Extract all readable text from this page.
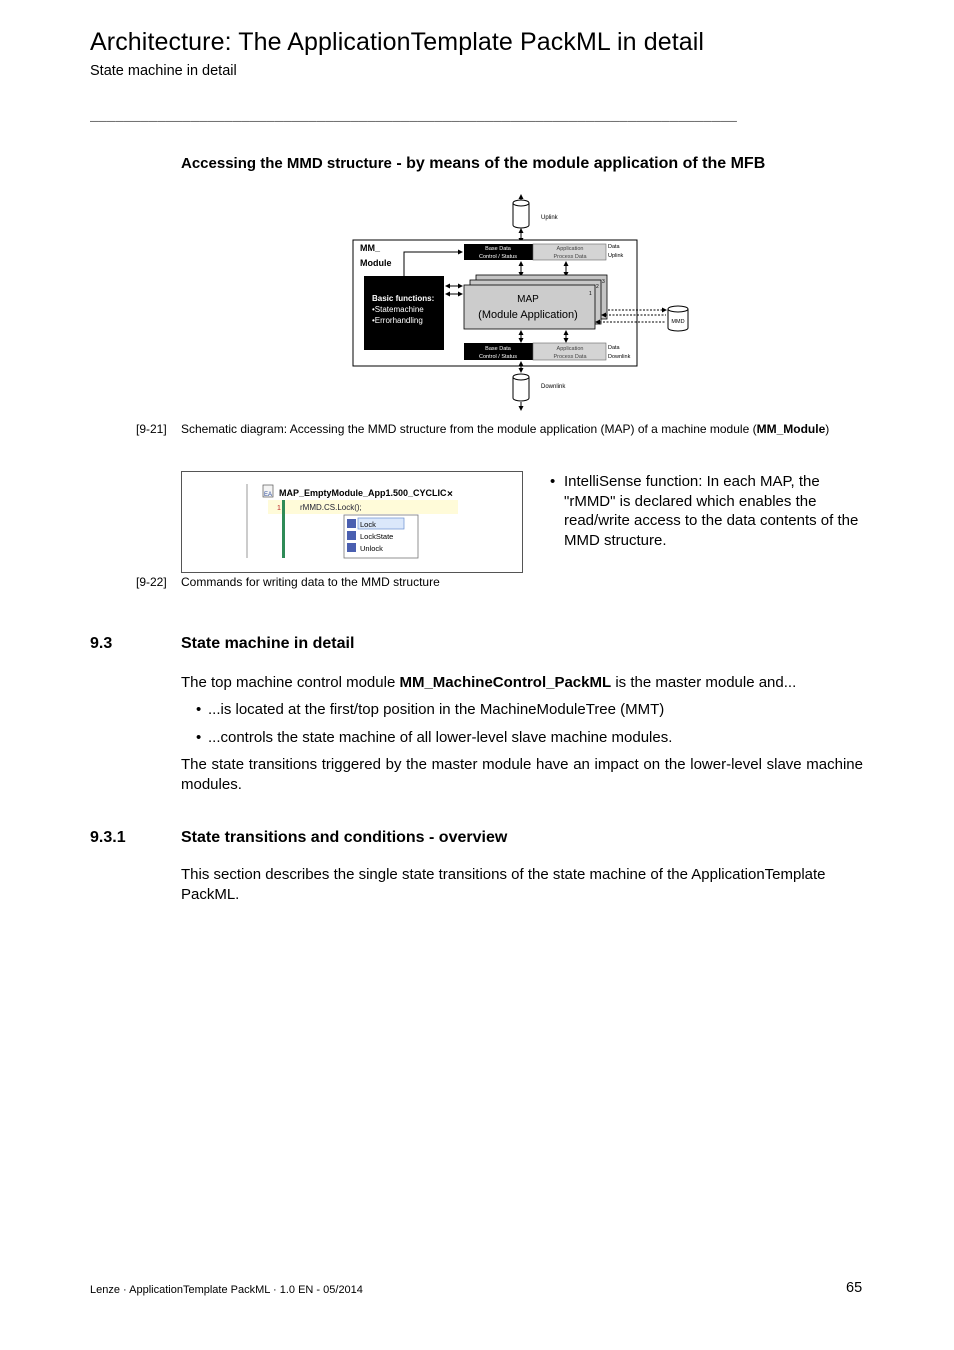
Architecture: The ApplicationTemplate PackML in detail
State machine in detail
_____________________________________________________________________________
Accessing the MMD structure - by means of the module application of the MFB
Uplink
MM_
Module
Base Data
Control / Status
Application
Process Data
Data
Uplink
Basic functions:
•Statemachine
•Errorhandling
3
2
1
MAP
(Module Application)
MMD
Base Data
Control / Status
Application
Process Data
Data
Downlink
Downlink
[9-21] Schematic diagram: Accessing the MMD structure from the module application (MAP) of a machine module (MM_Module)
EA MAP_EmptyModule_App1.500_CYCLIC ×
1 rMMD.CS.Lock();
Lock
LockState
Unlock
• IntelliSense function: In each MAP, the "rMMD" is declared which enables the read/write access to the data contents of the MMD structure.
[9-22] Commands for writing data to the MMD structure
9.3	State machine in detail
The top machine control module MM_MachineControl_PackML is the master module and...
• ...is located at the first/top position in the MachineModuleTree (MMT)
• ...controls the state machine of all lower-level slave machine modules.
The state transitions triggered by the master module have an impact on the lower-level slave machine modules.
9.3.1	State transitions and conditions - overview
This section describes the single state transitions of the state machine of the ApplicationTemplate PackML.
Lenze · ApplicationTemplate PackML · 1.0 EN - 05/2014	65
